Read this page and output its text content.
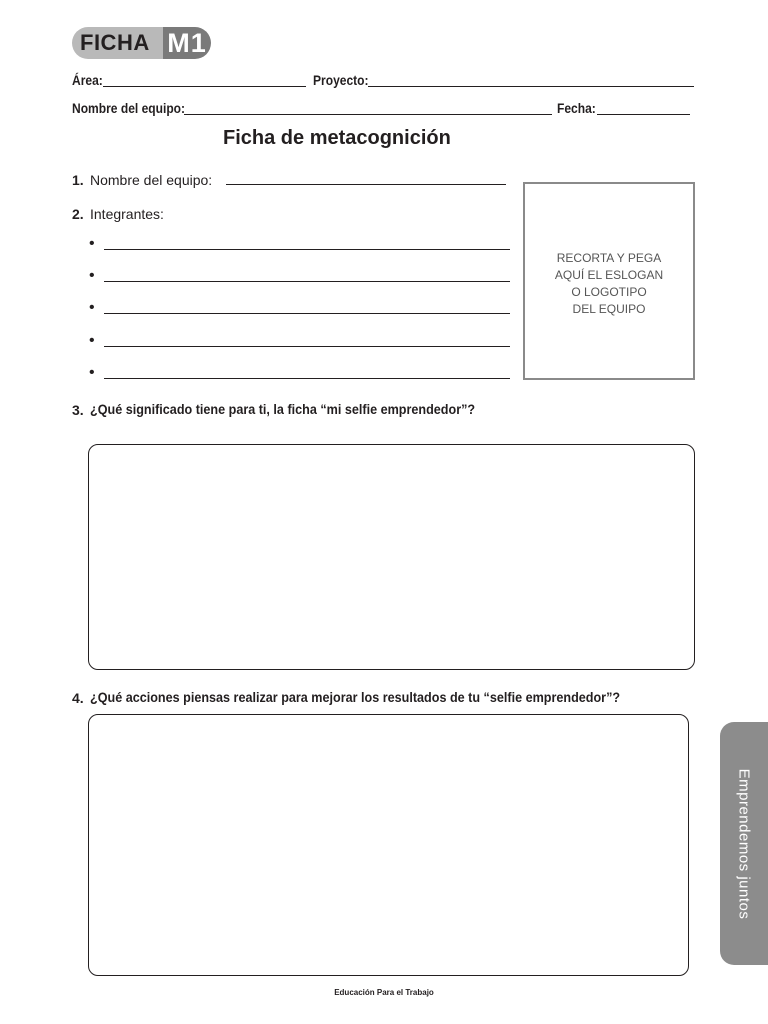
FICHA M1
Área:	Proyecto:
Nombre del equipo:	Fecha:
Ficha de metacognición
1. Nombre del equipo:
2. Integrantes:
•
•
•
•
•
RECORTA Y PEGA
AQUÍ EL ESLOGAN
O LOGOTIPO
DEL EQUIPO
3. ¿Qué significado tiene para ti, la ficha “mi selfie emprendedor”?
4. ¿Qué acciones piensas realizar para mejorar los resultados de tu “selfie emprendedor”?
Emprendemos juntos
Educación Para el Trabajo
